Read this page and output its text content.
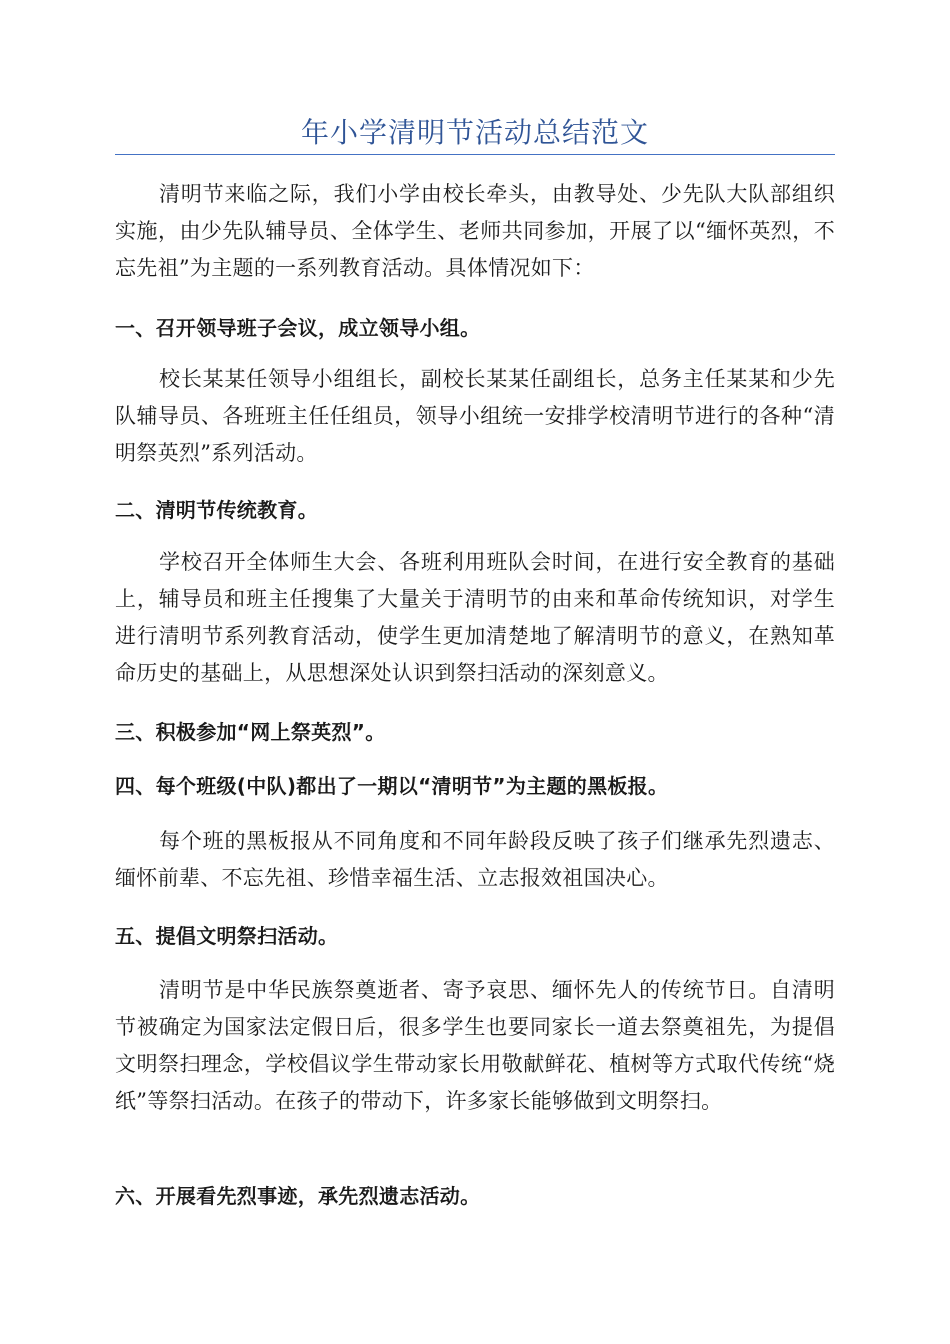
年小学清明节活动总结范文
清明节来临之际，我们小学由校长牵头，由教导处、少先队大队部组织实施，由少先队辅导员、全体学生、老师共同参加，开展了以“缅怀英烈，不忘先祖”为主题的一系列教育活动。具体情况如下：
一、召开领导班子会议，成立领导小组。
校长某某任领导小组组长，副校长某某任副组长，总务主任某某和少先队辅导员、各班班主任任组员，领导小组统一安排学校清明节进行的各种“清明祭英烈”系列活动。
二、清明节传统教育。
学校召开全体师生大会、各班利用班队会时间，在进行安全教育的基础上，辅导员和班主任搜集了大量关于清明节的由来和革命传统知识，对学生进行清明节系列教育活动，使学生更加清楚地了解清明节的意义，在熟知革命历史的基础上，从思想深处认识到祭扫活动的深刻意义。
三、积极参加“网上祭英烈”。
四、每个班级(中队)都出了一期以“清明节”为主题的黑板报。
每个班的黑板报从不同角度和不同年龄段反映了孩子们继承先烈遗志、缅怀前辈、不忘先祖、珍惜幸福生活、立志报效祖国决心。
五、提倡文明祭扫活动。
清明节是中华民族祭奠逝者、寄予哀思、缅怀先人的传统节日。自清明节被确定为国家法定假日后，很多学生也要同家长一道去祭奠祖先，为提倡文明祭扫理念，学校倡议学生带动家长用敬献鲜花、植树等方式取代传统“烧纸”等祭扫活动。在孩子的带动下，许多家长能够做到文明祭扫。
六、开展看先烈事迹，承先烈遗志活动。
